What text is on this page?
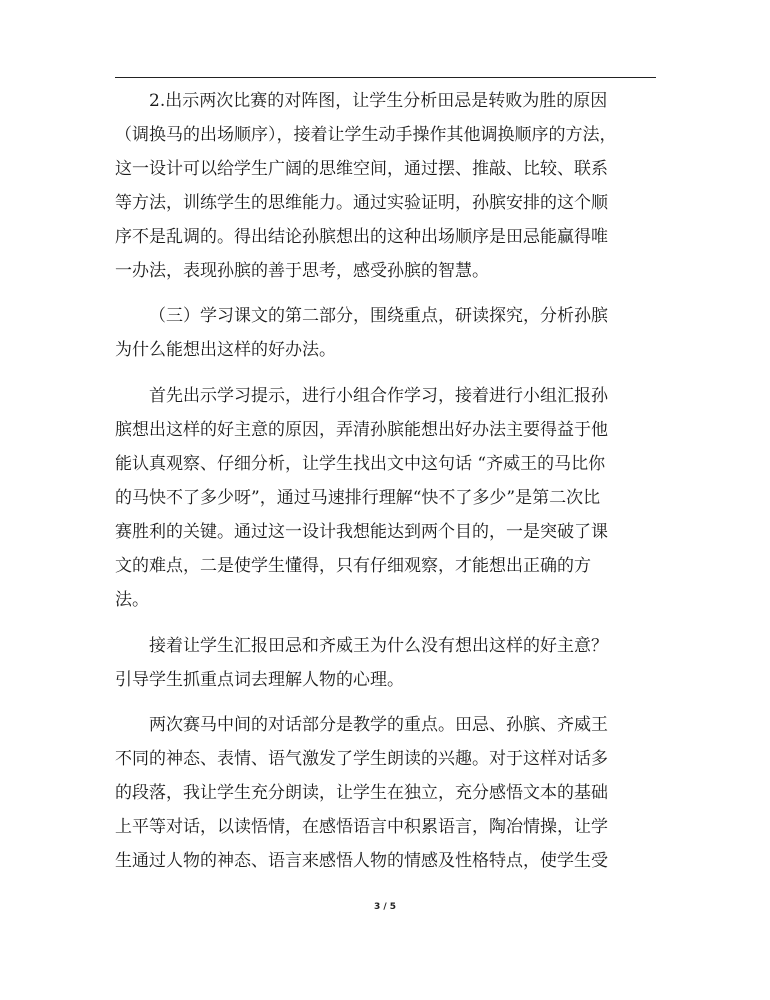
2.出示两次比赛的对阵图，让学生分析田忌是转败为胜的原因
（调换马的出场顺序），接着让学生动手操作其他调换顺序的方法，
这一设计可以给学生广阔的思维空间，通过摆、推敲、比较、联系
等方法，训练学生的思维能力。通过实验证明，孙膑安排的这个顺
序不是乱调的。得出结论孙膑想出的这种出场顺序是田忌能赢得唯
一办法，表现孙膑的善于思考，感受孙膑的智慧。

（三）学习课文的第二部分，围绕重点，研读探究，分析孙膑
为什么能想出这样的好办法。

首先出示学习提示，进行小组合作学习，接着进行小组汇报孙
膑想出这样的好主意的原因，弄清孙膑能想出好办法主要得益于他
能认真观察、仔细分析，让学生找出文中这句话 “齐威王的马比你
的马快不了多少呀”，通过马速排行理解“快不了多少”是第二次比
赛胜利的关键。通过这一设计我想能达到两个目的，一是突破了课
文的难点，二是使学生懂得，只有仔细观察，才能想出正确的方
法。

接着让学生汇报田忌和齐威王为什么没有想出这样的好主意？
引导学生抓重点词去理解人物的心理。

两次赛马中间的对话部分是教学的重点。田忌、孙膑、齐威王
不同的神态、表情、语气激发了学生朗读的兴趣。对于这样对话多
的段落，我让学生充分朗读，让学生在独立，充分感悟文本的基础
上平等对话，以读悟情，在感悟语言中积累语言，陶冶情操，让学
生通过人物的神态、语言来感悟人物的情感及性格特点，使学生受

3 / 5
